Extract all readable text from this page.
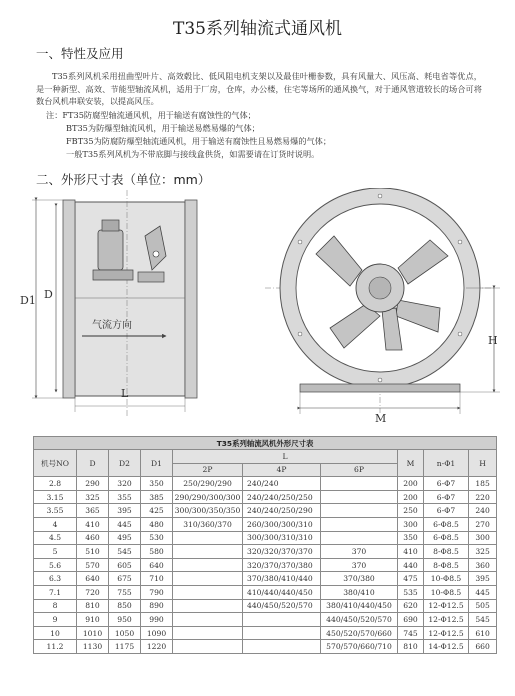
T35系列轴流式通风机
一、特性及应用
T35系列风机采用扭曲型叶片、高效毂比、低风阻电机支架以及最佳叶栅参数，具有风量大、风压高、耗电省等优点，是一种新型、高效、节能型轴流风机，适用于厂房，仓库，办公楼，住宅等场所的通风换气，对于通风管道较长的场合可将数台风机串联安装，以提高风压。
注：FT35防腐型轴流通风机，用于输送有腐蚀性的气体；
BT35为防爆型轴流风机，用于输送易燃易爆的气体；
FBT35为防腐防爆型轴流通风机，用于输送有腐蚀性且易燃易爆的气体；
一般T35系列风机为不带底脚与接线盒供货，如需要请在订货时说明。
二、外形尺寸表（单位：mm）
气流方向
D1 D
L
H
M
T35系列轴流风机外形尺寸表									
机号NO	D	D2	D1	L			M	n-Φ1	H
				2P	4P	6P			
2.8	290	320	350	250/290/290	240/240		200	6-Φ7	185
3.15	325	355	385	290/290/300/300	240/240/250/250		200	6-Φ7	220
3.55	365	395	425	300/300/350/350	240/240/250/290		250	6-Φ7	240
4	410	445	480	310/360/370	260/300/300/310		300	6-Φ8.5	270
4.5	460	495	530		300/300/310/310		350	6-Φ8.5	300
5	510	545	580		320/320/370/370	370	410	8-Φ8.5	325
5.6	570	605	640		320/370/370/380	370	440	8-Φ8.5	360
6.3	640	675	710		370/380/410/440	370/380	475	10-Φ8.5	395
7.1	720	755	790		410/440/440/450	380/410	535	10-Φ8.5	445
8	810	850	890		440/450/520/570	380/410/440/450	620	12-Φ12.5	505
9	910	950	990			440/450/520/570	690	12-Φ12.5	545
10	1010	1050	1090			450/520/570/660	745	12-Φ12.5	610
11.2	1130	1175	1220			570/570/660/710	810	14-Φ12.5	660
